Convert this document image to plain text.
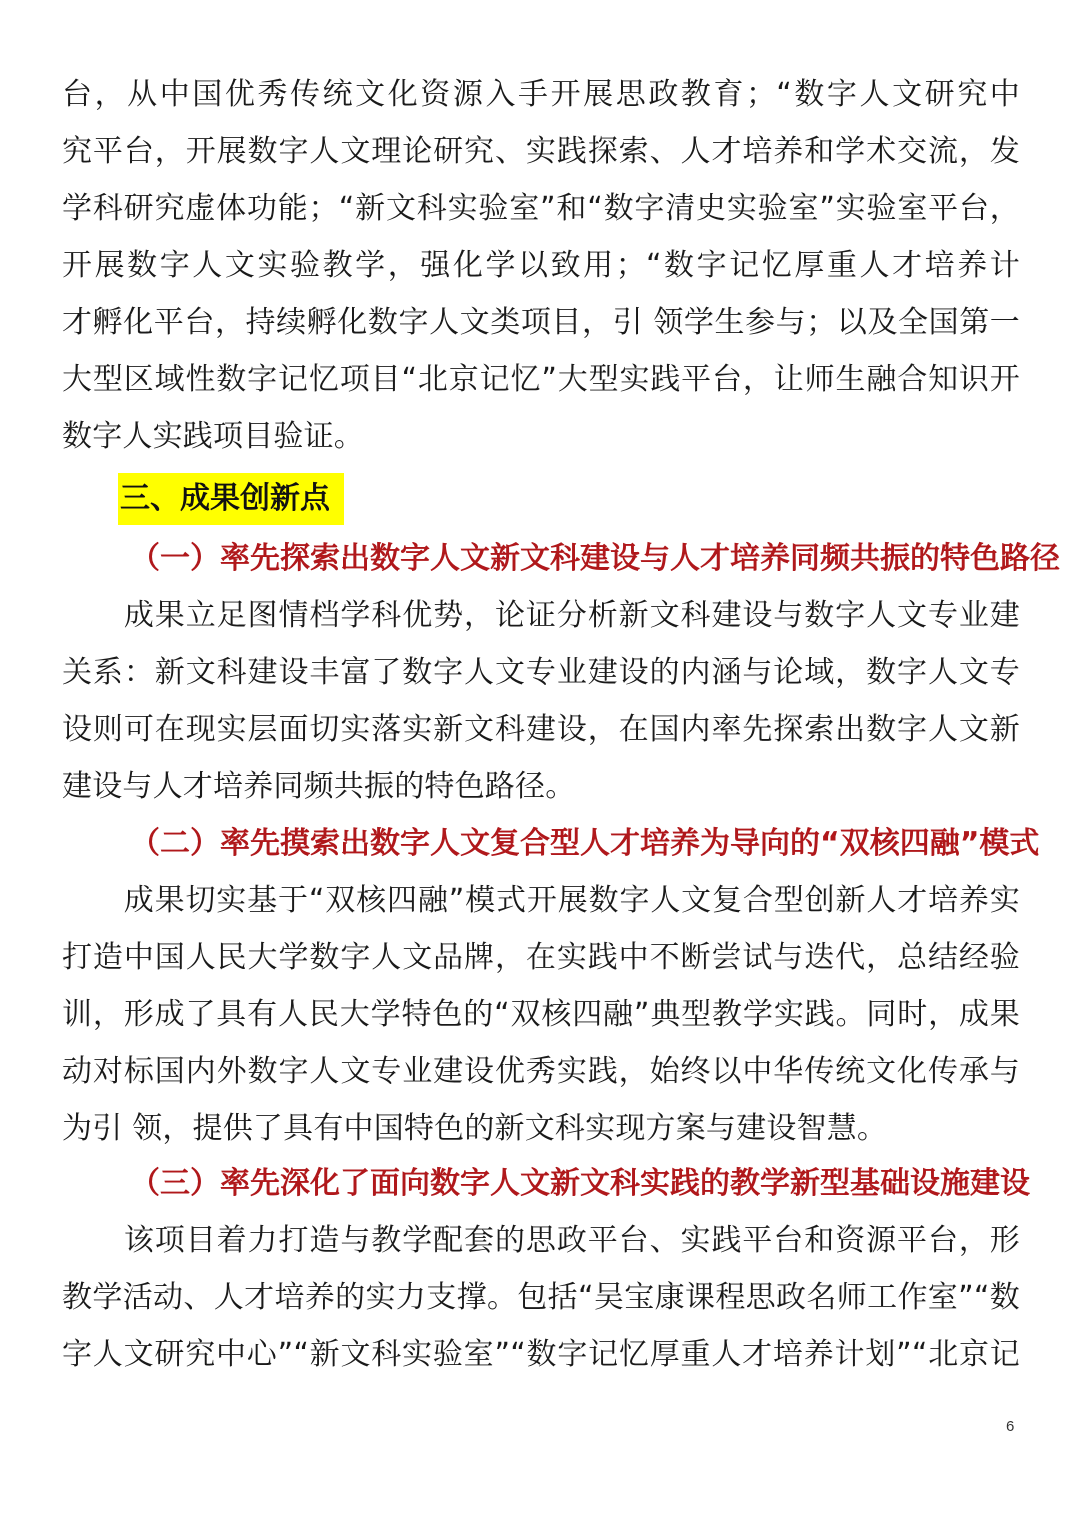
台，从中国优秀传统文化资源入手开展思政教育；“数字人文研究中
究平台，开展数字人文理论研究、实践探索、人才培养和学术交流，发
学科研究虚体功能；“新文科实验室”和“数字清史实验室”实验室平台，
开展数字人文实验教学，强化学以致用；“数字记忆厚重人才培养计
才孵化平台，持续孵化数字人文类项目，引 领学生参与；以及全国第一
大型区域性数字记忆项目“北京记忆”大型实践平台，让师生融合知识开
数字人实践项目验证。
三、成果创新点
（一）率先探索出数字人文新文科建设与人才培养同频共振的特色路径
　　成果立足图情档学科优势，论证分析新文科建设与数字人文专业建
关系：新文科建设丰富了数字人文专业建设的内涵与论域，数字人文专
设则可在现实层面切实落实新文科建设，在国内率先探索出数字人文新
建设与人才培养同频共振的特色路径。
（二）率先摸索出数字人文复合型人才培养为导向的“双核四融”模式
　　成果切实基于“双核四融”模式开展数字人文复合型创新人才培养实
打造中国人民大学数字人文品牌，在实践中不断尝试与迭代，总结经验
训，形成了具有人民大学特色的“双核四融”典型教学实践。同时，成果
动对标国内外数字人文专业建设优秀实践，始终以中华传统文化传承与
为引 领，提供了具有中国特色的新文科实现方案与建设智慧。
（三）率先深化了面向数字人文新文科实践的教学新型基础设施建设
　　该项目着力打造与教学配套的思政平台、实践平台和资源平台，形
教学活动、人才培养的实力支撑。包括“吴宝康课程思政名师工作室”“数
字人文研究中心”“新文科实验室”“数字记忆厚重人才培养计划”“北京记
6
